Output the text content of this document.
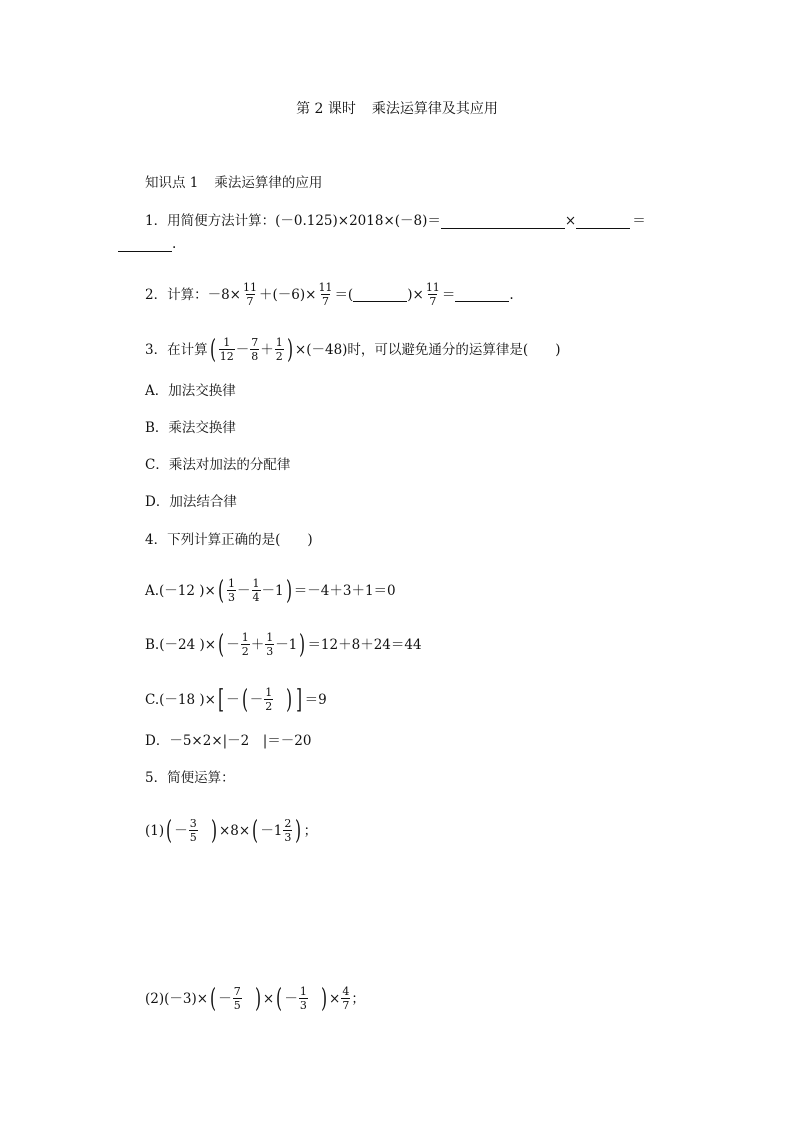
第 2 课时 乘法运算律及其应用
知识点 1 乘法运算律的应用
1．用简便方法计算：(－0.125)×2018×(－8)＝	×	＝
.
2．计算：$-8\times \frac{11}{7} +(-6)\times \frac{11}{7}$ ＝(	)× $\frac{11}{7}$ ＝	.
3．在计算 ( $\frac{1}{12} - \frac{7}{8} + \frac{1}{2}$ ) ×(－48)时，可以避免通分的运算律是(　　)
A．加法交换律
B．乘法交换律
C．乘法对加法的分配律
D．加法结合律
4．下列计算正确的是(　　)
A.(－12 )× ( $\frac{1}{3} - \frac{1}{4} -1$ ) ＝－4＋3＋1＝0
B.(－24 )× ( － $\frac{1}{2} + \frac{1}{3} -1$ ) ＝12＋8＋24＝44
C.(－18 )× [ － ( － $\frac{1}{2}$ ) ] ＝9
D．－5×2×|－2　|＝－20
5．简便运算：
(1) ( － $\frac{3}{5}$ ) ×8× ( $-1 \frac{2}{3}$ ) ；
(2)(－3)× ( － $\frac{7}{5}$ ) × ( － $\frac{1}{3}$ ) × $\frac{4}{7}$ ；
